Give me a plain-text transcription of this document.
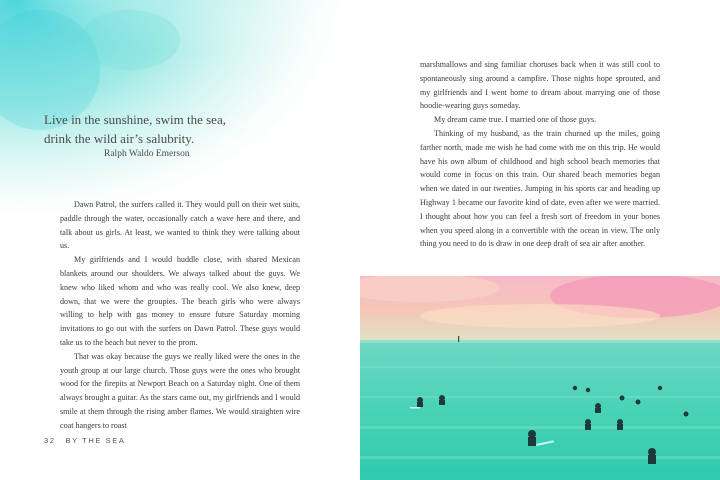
Live in the sunshine, swim the sea,
drink the wild air’s salubrity.
Ralph Waldo Emerson

Dawn Patrol, the surfers called it. They would pull on their wet suits, paddle through the water, occasionally catch a wave here and there, and talk about us girls. At least, we wanted to think they were talking about us.

My girlfriends and I would huddle close, with shared Mexican blankets around our shoulders. We always talked about the guys. We knew who liked whom and who was really cool. We also knew, deep down, that we were the groupies. The beach girls who were always willing to help with gas money to ensure future Saturday morning invitations to go out with the surfers on Dawn Patrol. These guys would take us to the beach but never to the prom.

That was okay because the guys we really liked were the ones in the youth group at our large church. Those guys were the ones who brought wood for the firepits at Newport Beach on a Saturday night. One of them always brought a guitar. As the stars came out, my girlfriends and I would smile at them through the rising amber flames. We would straighten wire coat hangers to roast

32 BY THE SEA

marshmallows and sing familiar choruses back when it was still cool to spontaneously sing around a campfire. Those nights hope sprouted, and my girlfriends and I went home to dream about marrying one of those hoodie-wearing guys someday.

My dream came true. I married one of those guys.

Thinking of my husband, as the train churned up the miles, going farther north, made me wish he had come with me on this trip. He would have his own album of childhood and high school beach memories that would come in focus on this train. Our shared beach memories began when we dated in our twenties. Jumping in his sports car and heading up Highway 1 became our favorite kind of date, even after we were married. I thought about how you can feel a fresh sort of freedom in your bones when you speed along in a convertible with the ocean in view. The only thing you need to do is draw in one deep draft of sea air after another.
